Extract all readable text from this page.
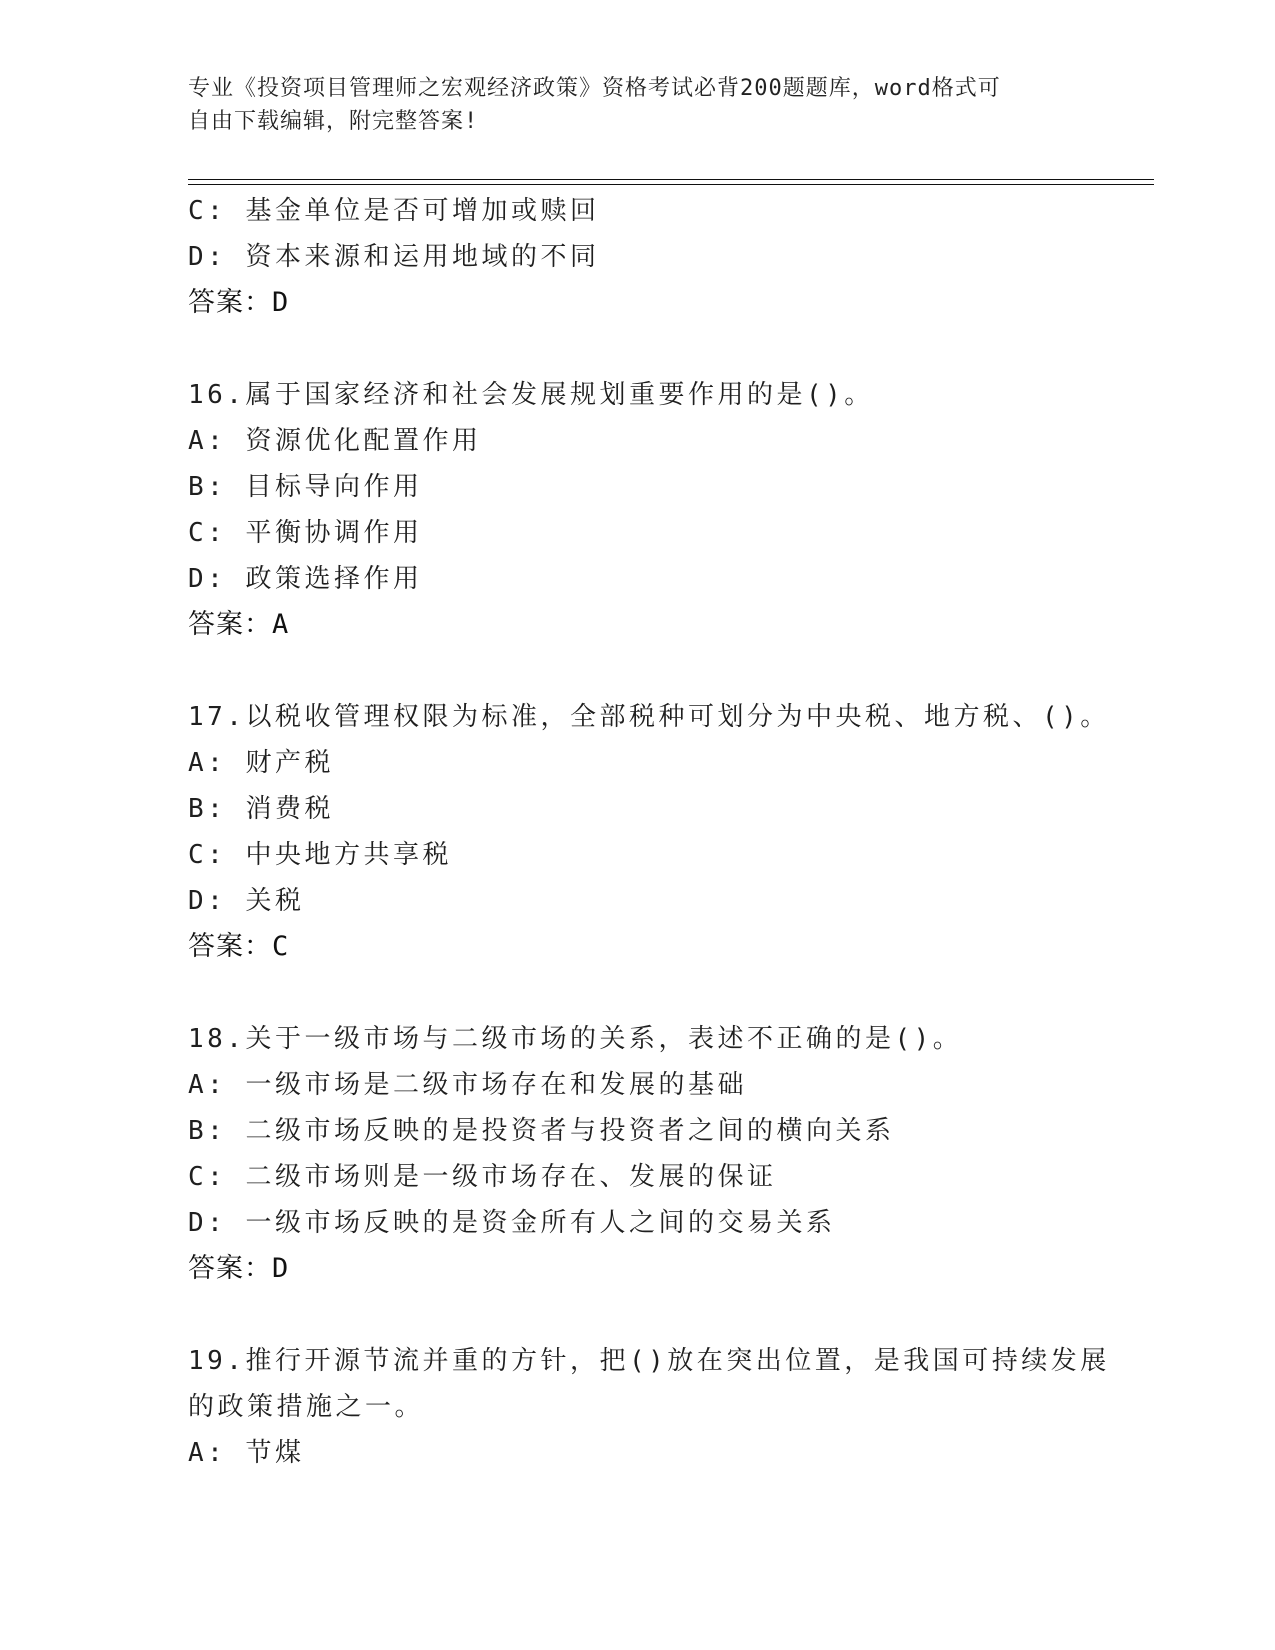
专业《投资项目管理师之宏观经济政策》资格考试必背200题题库，word格式可
自由下载编辑，附完整答案!
C: 基金单位是否可增加或赎回
D: 资本来源和运用地域的不同
答案：D
16.属于国家经济和社会发展规划重要作用的是()。
A: 资源优化配置作用
B: 目标导向作用
C: 平衡协调作用
D: 政策选择作用
答案：A
17.以税收管理权限为标准，全部税种可划分为中央税、地方税、()。
A: 财产税
B: 消费税
C: 中央地方共享税
D: 关税
答案：C
18.关于一级市场与二级市场的关系，表述不正确的是()。
A: 一级市场是二级市场存在和发展的基础
B: 二级市场反映的是投资者与投资者之间的横向关系
C: 二级市场则是一级市场存在、发展的保证
D: 一级市场反映的是资金所有人之间的交易关系
答案：D
19.推行开源节流并重的方针，把()放在突出位置，是我国可持续发展
的政策措施之一。
A: 节煤
